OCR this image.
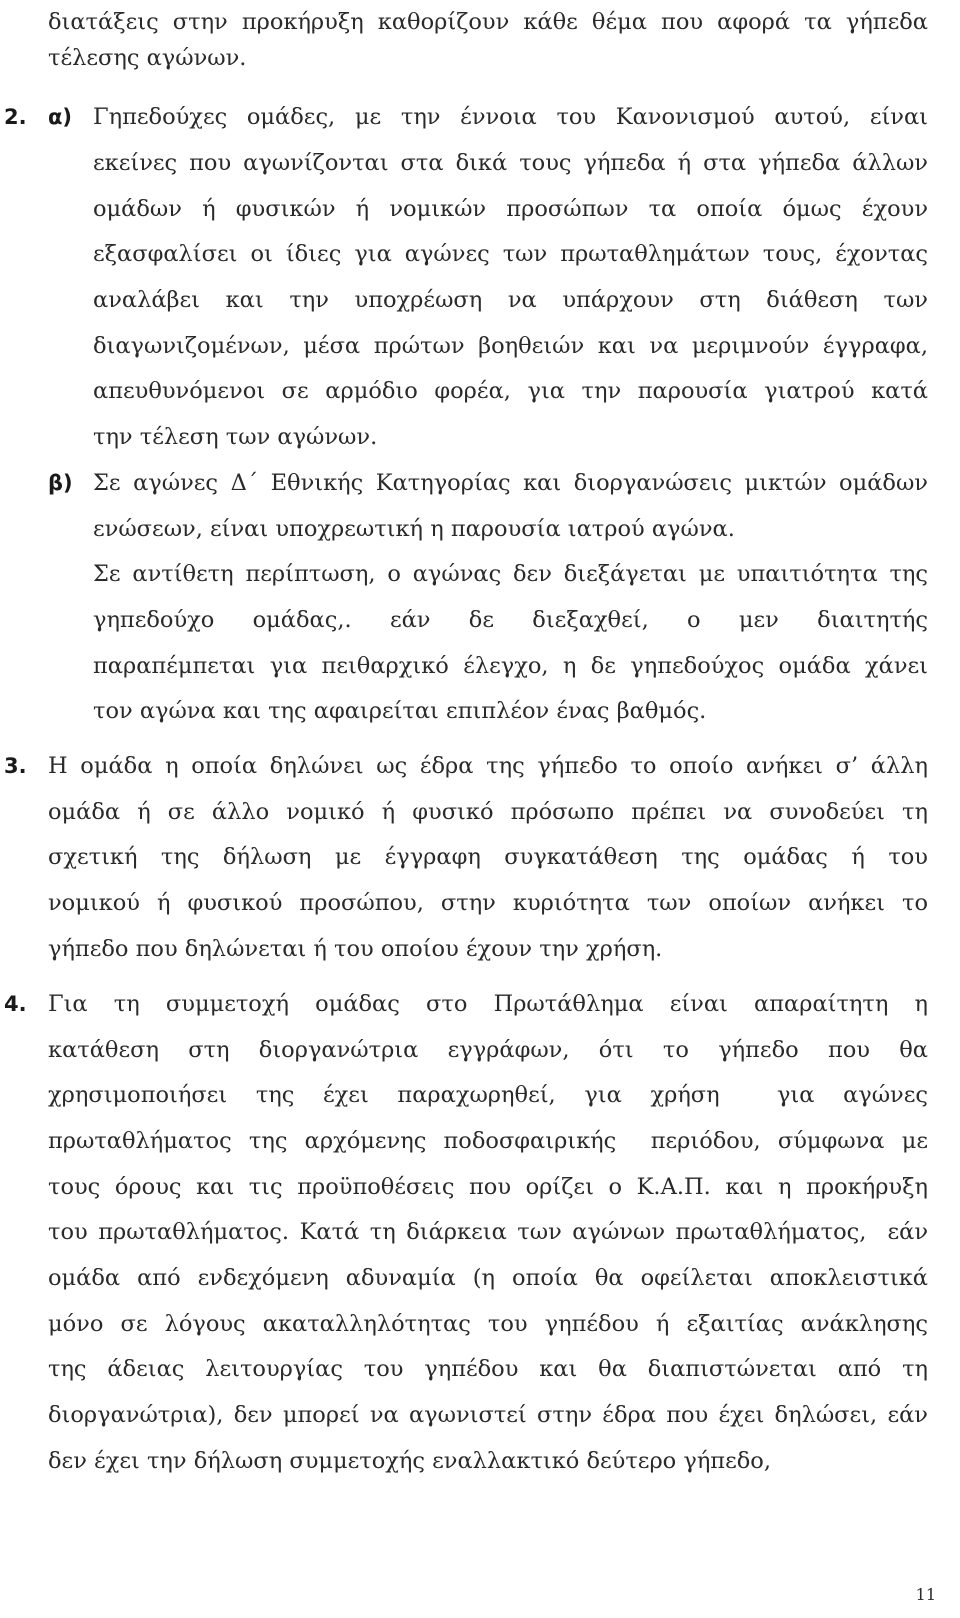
διατάξεις στην προκήρυξη καθορίζουν κάθε θέμα που αφορά τα γήπεδα

τέλεσης αγώνων.

2.

α)

Γηπεδούχες ομάδες, με την έννοια του Κανονισμού αυτού, είναι

εκείνες που αγωνίζονται στα δικά τους γήπεδα ή στα γήπεδα άλλων

ομάδων ή φυσικών ή νομικών προσώπων τα οποία όμως έχουν

εξασφαλίσει οι ίδιες για αγώνες των πρωταθλημάτων τους, έχοντας

αναλάβει και την υποχρέωση να υπάρχουν στη διάθεση των

διαγωνιζομένων, μέσα πρώτων βοηθειών και να μεριμνούν έγγραφα,

απευθυνόμενοι σε αρμόδιο φορέα, για την παρουσία γιατρού κατά

την τέλεση των αγώνων.

β)

Σε αγώνες Δ΄ Εθνικής Κατηγορίας και διοργανώσεις μικτών ομάδων

ενώσεων, είναι υποχρεωτική η παρουσία ιατρού αγώνα.

Σε αντίθετη περίπτωση, ο αγώνας δεν διεξάγεται με υπαιτιότητα της

γηπεδούχο ομάδας,. εάν δε διεξαχθεί, ο μεν διαιτητής

παραπέμπεται για πειθαρχικό έλεγχο, η δε γηπεδούχος ομάδα χάνει

τον αγώνα και της αφαιρείται επιπλέον ένας βαθμός.

3.

Η ομάδα η οποία δηλώνει ως έδρα της γήπεδο το οποίο ανήκει σ’ άλλη

ομάδα ή σε άλλο νομικό ή φυσικό πρόσωπο πρέπει να συνοδεύει τη

σχετική της δήλωση με έγγραφη συγκατάθεση της ομάδας ή του

νομικού ή φυσικού προσώπου, στην κυριότητα των οποίων ανήκει το

γήπεδο που δηλώνεται ή του οποίου έχουν την χρήση.

4.

Για τη συμμετοχή ομάδας στο Πρωτάθλημα είναι απαραίτητη η

κατάθεση στη διοργανώτρια εγγράφων, ότι το γήπεδο που θα

χρησιμοποιήσει της έχει παραχωρηθεί, για χρήση  για αγώνες

πρωταθλήματος της αρχόμενης ποδοσφαιρικής  περιόδου, σύμφωνα με

τους όρους και τις προϋποθέσεις που ορίζει ο Κ.Α.Π. και η προκήρυξη

του πρωταθλήματος. Κατά τη διάρκεια των αγώνων πρωταθλήματος,  εάν

ομάδα από ενδεχόμενη αδυναμία (η οποία θα οφείλεται αποκλειστικά

μόνο σε λόγους ακαταλληλότητας του γηπέδου ή εξαιτίας ανάκλησης

της άδειας λειτουργίας του γηπέδου και θα διαπιστώνεται από τη

διοργανώτρια), δεν μπορεί να αγωνιστεί στην έδρα που έχει δηλώσει, εάν

δεν έχει την δήλωση συμμετοχής εναλλακτικό δεύτερο γήπεδο,

11
